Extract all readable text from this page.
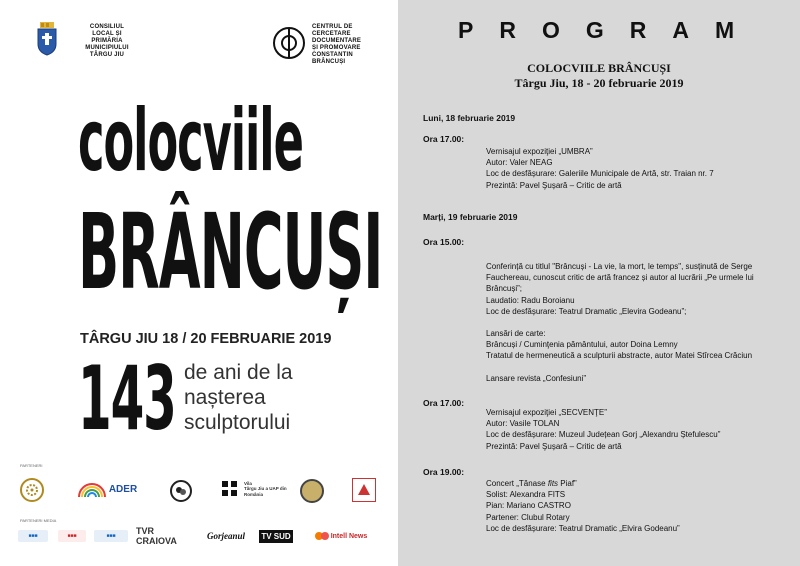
CONSILIUL
LOCAL ȘI
PRIMĂRIA
MUNICIPIULUI
TÂRGU JIU
CENTRUL DE
CERCETARE
DOCUMENTARE
ȘI PROMOVARE
CONSTANTIN
BRÂNCUȘI
colocviile
BRÂNCUȘI
TÂRGU JIU 18 / 20 FEBRUARIE 2019
143 de ani de la
nașterea
sculptorului
PARTENERI
ADER
Vila
Târgu Jiu a UAP din
România
PARTENERI MEDIA
■■■	■■■	■■■ TVR CRAIOVA	Gorjeanul TV SUD	Intell News
PROGRAM
COLOCVIILE BRÂNCUȘI
Târgu Jiu, 18 - 20 februarie 2019
Luni, 18 februarie 2019
Ora 17.00:
Vernisajul expoziţiei „UMBRA”
Autor: Valer NEAG
Loc de desfășurare: Galeriile Municipale de Artă, str. Traian nr. 7
Prezintă: Pavel Şușară – Critic de artă
Marți, 19 februarie 2019
Ora 15.00:
Conferință cu titlul "Brâncuși - La vie, la mort, le temps", susținută de Serge Fauchereau, cunoscut critic de artă francez și autor al lucrării „Pe urmele lui Brâncuși”;
Laudatio: Radu Boroianu
Loc de desfășurare: Teatrul Dramatic „Elevira Godeanu”;
Lansări de carte:
Brâncuși / Cuminţenia pământului, autor Doina Lemny
Tratatul de hermeneutică a sculpturii abstracte, autor Matei Stîrcea Crăciun
Lansare revista „Confesiuni”
Ora 17.00:
Vernisajul expoziţiei „SECVENŢE”
Autor: Vasile TOLAN
Loc de desfășurare: Muzeul Județean Gorj „Alexandru Ștefulescu”
Prezintă: Pavel Şușară – Critic de artă
Ora 19.00:
Concert „Tănase fits Piaf”
Solist: Alexandra FITS
Pian: Mariano CASTRO
Partener: Clubul Rotary
Loc de desfășurare: Teatrul Dramatic „Elvira Godeanu”
